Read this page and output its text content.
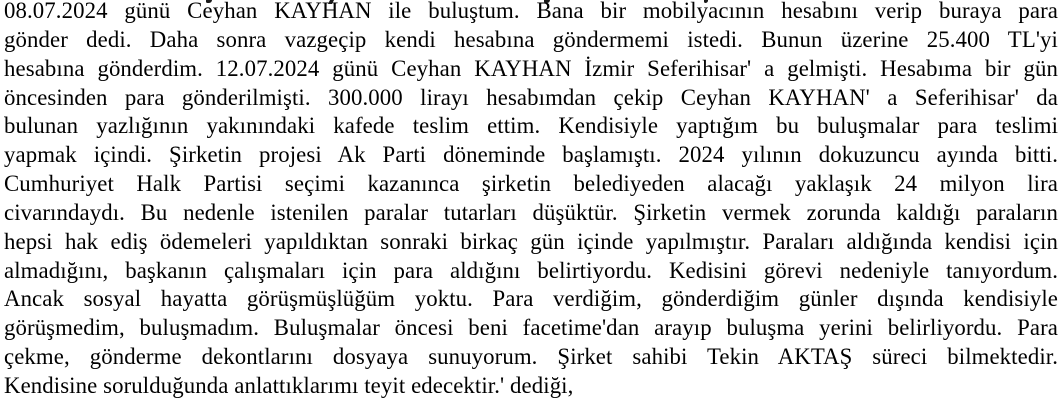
08.07.2024 günü Ceyhan KAYHAN ile buluştum. Bana bir mobilyacının hesabını verip buraya para
gönder dedi. Daha sonra vazgeçip kendi hesabına göndermemi istedi. Bunun üzerine 25.400 TL'yi
hesabına gönderdim. 12.07.2024 günü Ceyhan KAYHAN İzmir Seferihisar' a gelmişti. Hesabıma bir gün
öncesinden para gönderilmişti. 300.000 lirayı hesabımdan çekip Ceyhan KAYHAN' a Seferihisar' da
bulunan yazlığının yakınındaki kafede teslim ettim. Kendisiyle yaptığım bu buluşmalar para teslimi
yapmak içindi. Şirketin projesi Ak Parti döneminde başlamıştı. 2024 yılının dokuzuncu ayında bitti.
Cumhuriyet Halk Partisi seçimi kazanınca şirketin belediyeden alacağı yaklaşık 24 milyon lira
civarındaydı. Bu nedenle istenilen paralar tutarları düşüktür. Şirketin vermek zorunda kaldığı paraların
hepsi hak ediş ödemeleri yapıldıktan sonraki birkaç gün içinde yapılmıştır. Paraları aldığında kendisi için
almadığını, başkanın çalışmaları için para aldığını belirtiyordu. Kedisini görevi nedeniyle tanıyordum.
Ancak sosyal hayatta görüşmüşlüğüm yoktu. Para verdiğim, gönderdiğim günler dışında kendisiyle
görüşmedim, buluşmadım. Buluşmalar öncesi beni facetime'dan arayıp buluşma yerini belirliyordu. Para
çekme, gönderme dekontlarını dosyaya sunuyorum. Şirket sahibi Tekin AKTAŞ süreci bilmektedir.
Kendisine sorulduğunda anlattıklarımı teyit edecektir.' dediği,
